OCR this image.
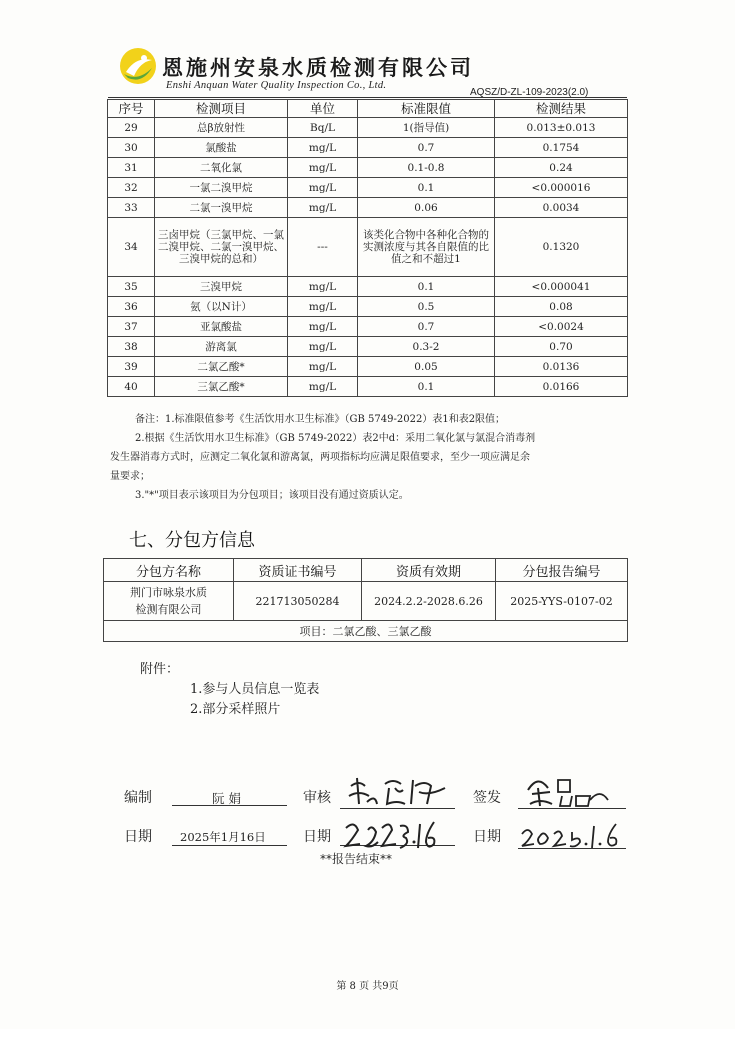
恩施州安泉水质检测有限公司
Enshi Anquan Water Quality Inspection Co., Ltd.
AQSZ/D-ZL-109-2023(2.0)
序号	检测项目	单位	标准限值	检测结果
29	总β放射性	Bq/L	1(指导值)	0.013±0.013
30	氯酸盐	mg/L	0.7	0.1754
31	二氧化氯	mg/L	0.1-0.8	0.24
32	一氯二溴甲烷	mg/L	0.1	<0.000016
33	二氯一溴甲烷	mg/L	0.06	0.0034
34	三卤甲烷（三氯甲烷、一氯二溴甲烷、二氯一溴甲烷、三溴甲烷的总和）	---	该类化合物中各种化合物的实测浓度与其各自限值的比值之和不超过1	0.1320
35	三溴甲烷	mg/L	0.1	<0.000041
36	氨（以N计）	mg/L	0.5	0.08
37	亚氯酸盐	mg/L	0.7	<0.0024
38	游离氯	mg/L	0.3-2	0.70
39	二氯乙酸*	mg/L	0.05	0.0136
40	三氯乙酸*	mg/L	0.1	0.0166

备注：1.标准限值参考《生活饮用水卫生标准》（GB 5749-2022）表1和表2限值；

2.根据《生活饮用水卫生标准》（GB 5749-2022）表2中d：采用二氧化氯与氯混合消毒剂

发生器消毒方式时，应测定二氧化氯和游离氯，两项指标均应满足限值要求，至少一项应满足余

量要求；

3."*"项目表示该项目为分包项目；该项目没有通过资质认定。

七、分包方信息
分包方名称	资质证书编号	资质有效期	分包报告编号

荆门市咏泉水质
检测有限公司	221713050284	2024.2.2-2028.6.26	2025-YYS-0107-02
项目：二氯乙酸、三氯乙酸			
附件：
1.参与人员信息一览表
2.部分采样照片
编制	阮 娟	审核	签发
日期 2025年1月16日	日期	日期
**报告结束**
第 8 页 共9页
